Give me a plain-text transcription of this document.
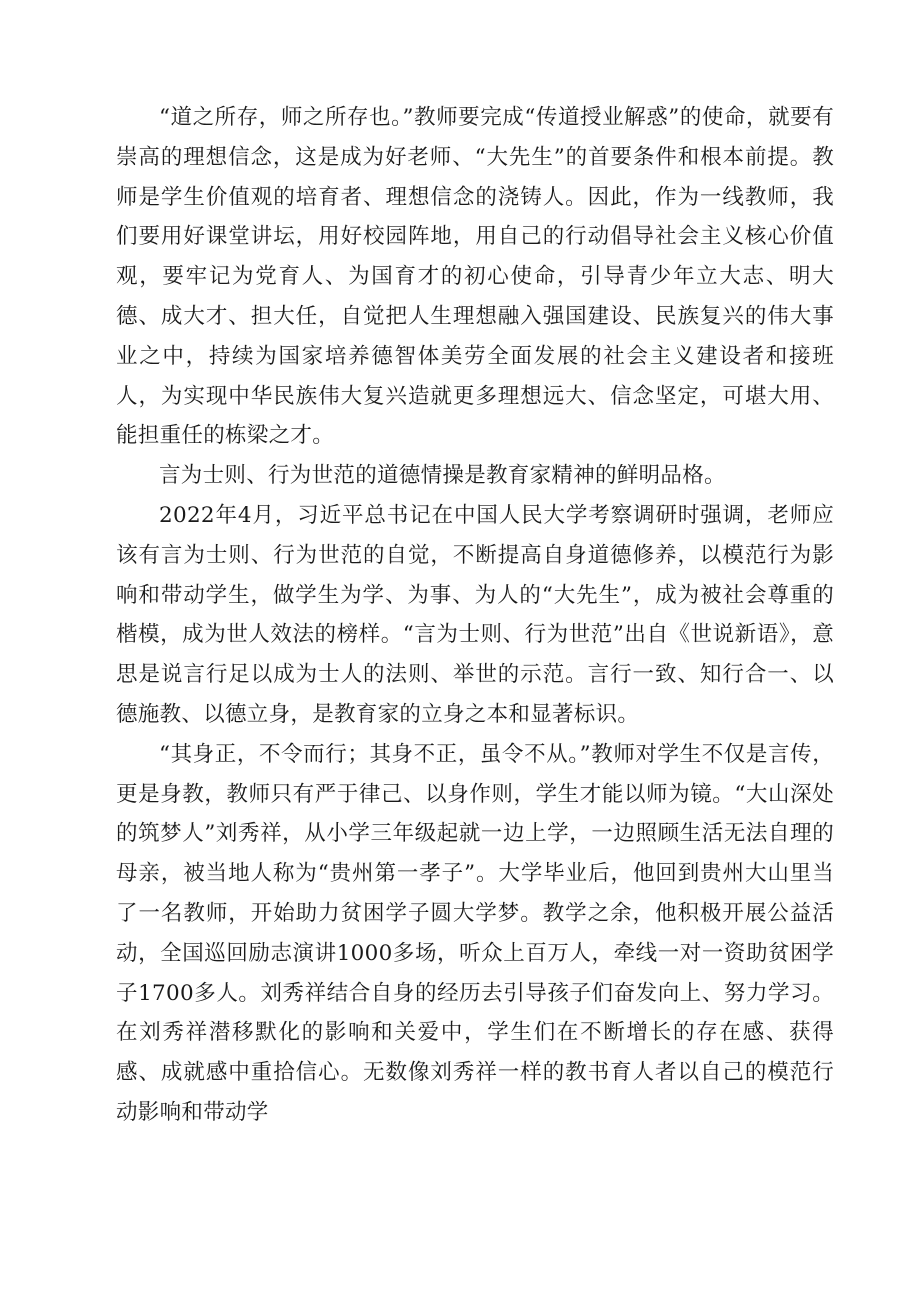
“道之所存，师之所存也。”教师要完成“传道授业解惑”的使命，就要有崇高的理想信念，这是成为好老师、“大先生”的首要条件和根本前提。教师是学生价值观的培育者、理想信念的浇铸人。因此，作为一线教师，我们要用好课堂讲坛，用好校园阵地，用自己的行动倡导社会主义核心价值观，要牢记为党育人、为国育才的初心使命，引导青少年立大志、明大德、成大才、担大任，自觉把人生理想融入强国建设、民族复兴的伟大事业之中，持续为国家培养德智体美劳全面发展的社会主义建设者和接班人，为实现中华民族伟大复兴造就更多理想远大、信念坚定，可堪大用、能担重任的栋梁之才。

言为士则、行为世范的道德情操是教育家精神的鲜明品格。

2022年4月，习近平总书记在中国人民大学考察调研时强调，老师应该有言为士则、行为世范的自觉，不断提高自身道德修养，以模范行为影响和带动学生，做学生为学、为事、为人的“大先生”，成为被社会尊重的楷模，成为世人效法的榜样。“言为士则、行为世范”出自《世说新语》，意思是说言行足以成为士人的法则、举世的示范。言行一致、知行合一、以德施教、以德立身，是教育家的立身之本和显著标识。

“其身正，不令而行；其身不正，虽令不从。”教师对学生不仅是言传，更是身教，教师只有严于律己、以身作则，学生才能以师为镜。“大山深处的筑梦人”刘秀祥，从小学三年级起就一边上学，一边照顾生活无法自理的母亲，被当地人称为“贵州第一孝子”。大学毕业后，他回到贵州大山里当了一名教师，开始助力贫困学子圆大学梦。教学之余，他积极开展公益活动，全国巡回励志演讲1000多场，听众上百万人，牵线一对一资助贫困学子1700多人。刘秀祥结合自身的经历去引导孩子们奋发向上、努力学习。在刘秀祥潜移默化的影响和关爱中，学生们在不断增长的存在感、获得感、成就感中重拾信心。无数像刘秀祥一样的教书育人者以自己的模范行动影响和带动学
